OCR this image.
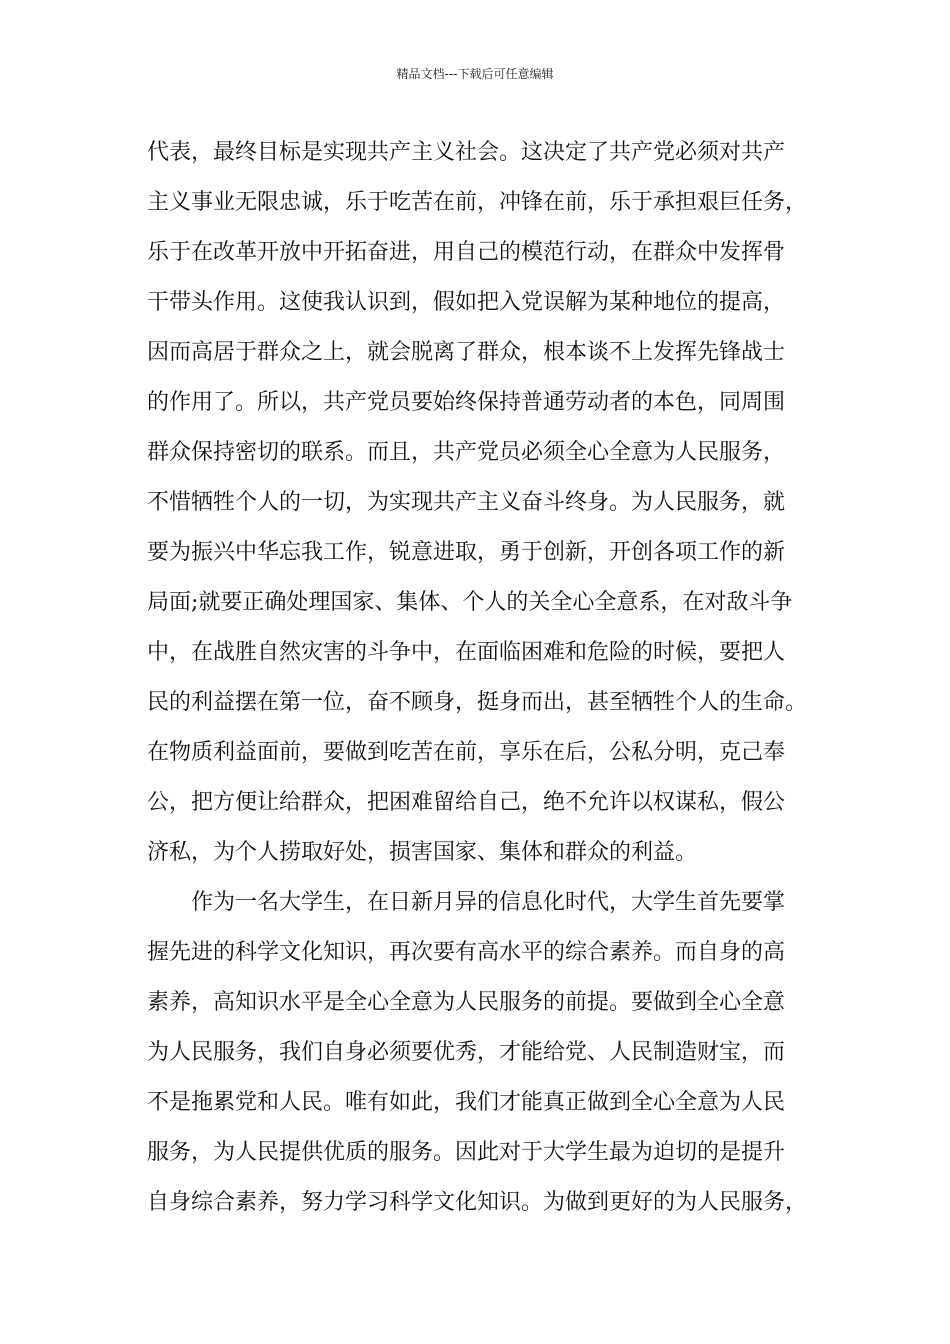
精品文档---下载后可任意编辑
代表，最终目标是实现共产主义社会。这决定了共产党必须对共产
主义事业无限忠诚，乐于吃苦在前，冲锋在前，乐于承担艰巨任务，
乐于在改革开放中开拓奋进，用自己的模范行动，在群众中发挥骨
干带头作用。这使我认识到，假如把入党误解为某种地位的提高，
因而高居于群众之上，就会脱离了群众，根本谈不上发挥先锋战士
的作用了。所以，共产党员要始终保持普通劳动者的本色，同周围
群众保持密切的联系。而且，共产党员必须全心全意为人民服务，
不惜牺牲个人的一切，为实现共产主义奋斗终身。为人民服务，就
要为振兴中华忘我工作，锐意进取，勇于创新，开创各项工作的新
局面;就要正确处理国家、集体、个人的关全心全意系，在对敌斗争
中，在战胜自然灾害的斗争中，在面临困难和危险的时候，要把人
民的利益摆在第一位，奋不顾身，挺身而出，甚至牺牲个人的生命。
在物质利益面前，要做到吃苦在前，享乐在后，公私分明，克己奉
公，把方便让给群众，把困难留给自己，绝不允许以权谋私，假公
济私，为个人捞取好处，损害国家、集体和群众的利益。
作为一名大学生，在日新月异的信息化时代，大学生首先要掌
握先进的科学文化知识，再次要有高水平的综合素养。而自身的高
素养，高知识水平是全心全意为人民服务的前提。要做到全心全意
为人民服务，我们自身必须要优秀，才能给党、人民制造财宝，而
不是拖累党和人民。唯有如此，我们才能真正做到全心全意为人民
服务，为人民提供优质的服务。因此对于大学生最为迫切的是提升
自身综合素养，努力学习科学文化知识。为做到更好的为人民服务，
